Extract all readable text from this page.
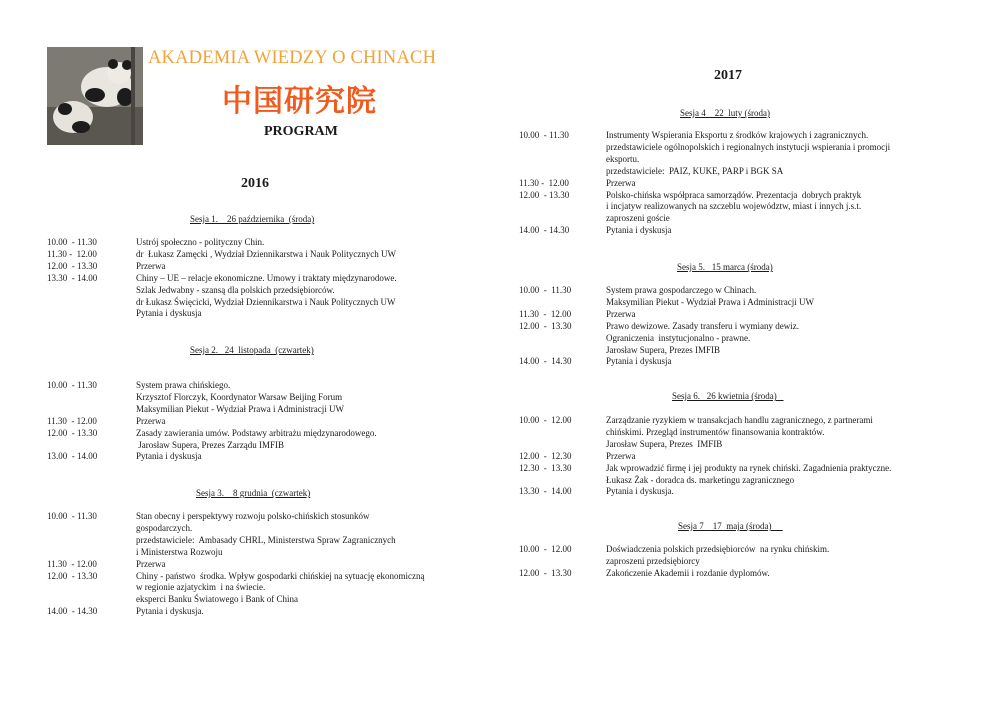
AKADEMIA WIEDZY O CHINACH
中国研究院
PROGRAM
2016
Sesja 1.    26 października  (środa)
10.00  - 11.30
11.30 -  12.00
12.00  - 13.30
13.30  - 14.00
Ustrój społeczno - polityczny Chin.
dr  Łukasz Zamęcki , Wydział Dziennikarstwa i Nauk Politycznych UW
Przerwa
Chiny – UE – relacje ekonomiczne. Umowy i traktaty międzynarodowe.
Szlak Jedwabny - szansą dla polskich przedsiębiorców.
dr Łukasz Święcicki, Wydział Dziennikarstwa i Nauk Politycznych UW
Pytania i dyskusja
Sesja 2.   24  listopada  (czwartek)
10.00  - 11.30

11.30  - 12.00
12.00  - 13.30

13.00  - 14.00
System prawa chińskiego.
Krzysztof Florczyk, Koordynator Warsaw Beijing Forum
Maksymilian Piekut - Wydział Prawa i Administracji UW
Przerwa
Zasady zawierania umów. Podstawy arbitrażu międzynarodowego.
Jarosław Supera, Prezes Zarządu IMFIB
Pytania i dyskusja
Sesja 3.    8 grudnia  (czwartek)
10.00  - 11.30

11.30  - 12.00
12.00  - 13.30

14.00  - 14.30
Stan obecny i perspektywy rozwoju polsko-chińskich stosunków
gospodarczych.
przedstawiciele:  Ambasady CHRL, Ministerstwa Spraw Zagranicznych
i Ministerstwa Rozwoju
Przerwa
Chiny - państwo  środka. Wpływ gospodarki chińskiej na sytuację ekonomiczną
w regionie azjatyckim  i na świecie.
eksperci Banku Światowego i Bank of China
Pytania i dyskusja.
2017
Sesja 4    22  luty (środa)
10.00  - 11.30

11.30 -  12.00
12.00  - 13.30

14.00  - 14.30
Instrumenty Wspierania Eksportu z środków krajowych i zagranicznych.
przedstawiciele ogólnopolskich i regionalnych instytucji wspierania i promocji
eksportu.
przedstawiciele:  PAIZ, KUKE, PARP i BGK SA
Przerwa
Polsko-chińska współpraca samorządów. Prezentacja  dobrych praktyk
i incjatyw realizowanych na szczeblu województw, miast i innych j.s.t.
zaproszeni goście
Pytania i dyskusja
Sesja 5.   15 marca (środa)
10.00  -  11.30

11.30  -  12.00
12.00  -  13.30

14.00  -  14.30
System prawa gospodarczego w Chinach.
Maksymilian Piekut - Wydział Prawa i Administracji UW
Przerwa
Prawo dewizowe. Zasady transferu i wymiany dewiz.
Ograniczenia  instytucjonalno - prawne.
Jarosław Supera, Prezes IMFIB
Pytania i dyskusja
Sesja 6.   26 kwietnia (środa)
10.00  -  12.00

12.00  -  12.30
12.30  -  13.30

13.30  -  14.00
Zarządzanie ryzykiem w transakcjach handlu zagranicznego, z partnerami
chińskimi. Przegląd instrumentów finansowania kontraktów.
Jarosław Supera, Prezes  IMFIB
Przerwa
Jak wprowadzić firmę i jej produkty na rynek chiński. Zagadnienia praktyczne.
Łukasz Żak - doradca ds. marketingu zagranicznego
Pytania i dyskusja.
Sesja 7    17  maja (środa)
10.00  -  12.00

12.00  -  13.30
Doświadczenia polskich przedsiębiorców  na rynku chińskim.
zaproszeni przedsiębiorcy
Zakończenie Akademii i rozdanie dyplomów.
